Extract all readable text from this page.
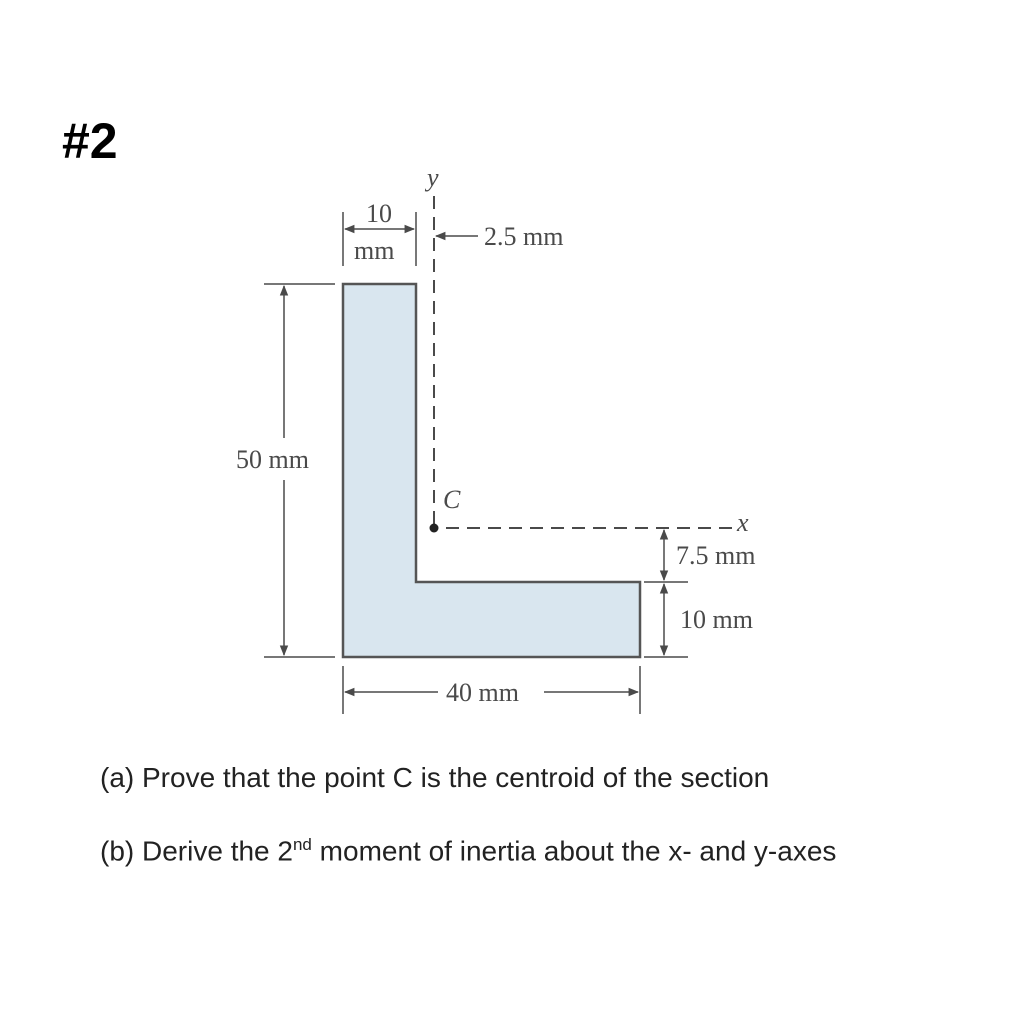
#2
y
x
C
10
mm	2.5 mm
50 mm
40 mm
7.5 mm
10 mm
(a) Prove that the point C is the centroid of the section
(b) Derive the 2nd moment of inertia about the x- and y-axes
